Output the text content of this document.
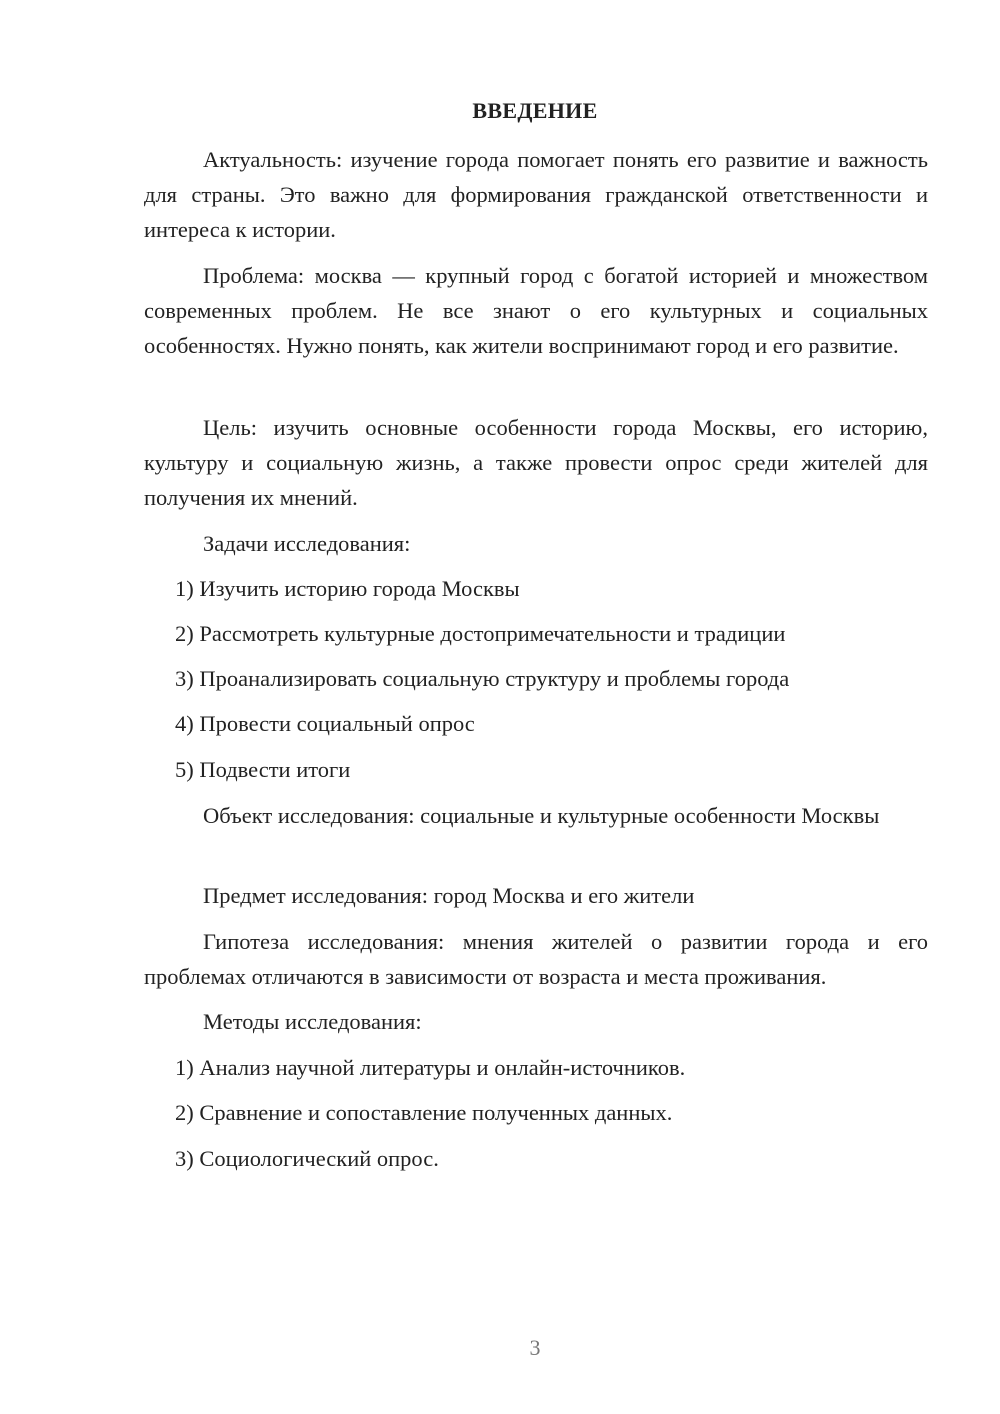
ВВЕДЕНИЕ

Актуальность: изучение города помогает понять его развитие и важность для страны. Это важно для формирования гражданской ответственности и интереса к истории.

Проблема: москва — крупный город с богатой историей и множеством современных проблем. Не все знают о его культурных и социальных особенностях. Нужно понять, как жители воспринимают город и его развитие.

Цель: изучить основные особенности города Москвы, его историю, культуру и социальную жизнь, а также провести опрос среди жителей для получения их мнений.

Задачи исследования:

1) Изучить историю города Москвы

2) Рассмотреть культурные достопримечательности и традиции

3) Проанализировать социальную структуру и проблемы города

4) Провести социальный опрос

5) Подвести итоги

Объект исследования: социальные и культурные особенности Москвы

Предмет исследования: город Москва и его жители

Гипотеза исследования: мнения жителей о развитии города и его проблемах отличаются в зависимости от возраста и места проживания.

Методы исследования:

1) Анализ научной литературы и онлайн-источников.

2) Сравнение и сопоставление полученных данных.

3) Социологический опрос.

3
